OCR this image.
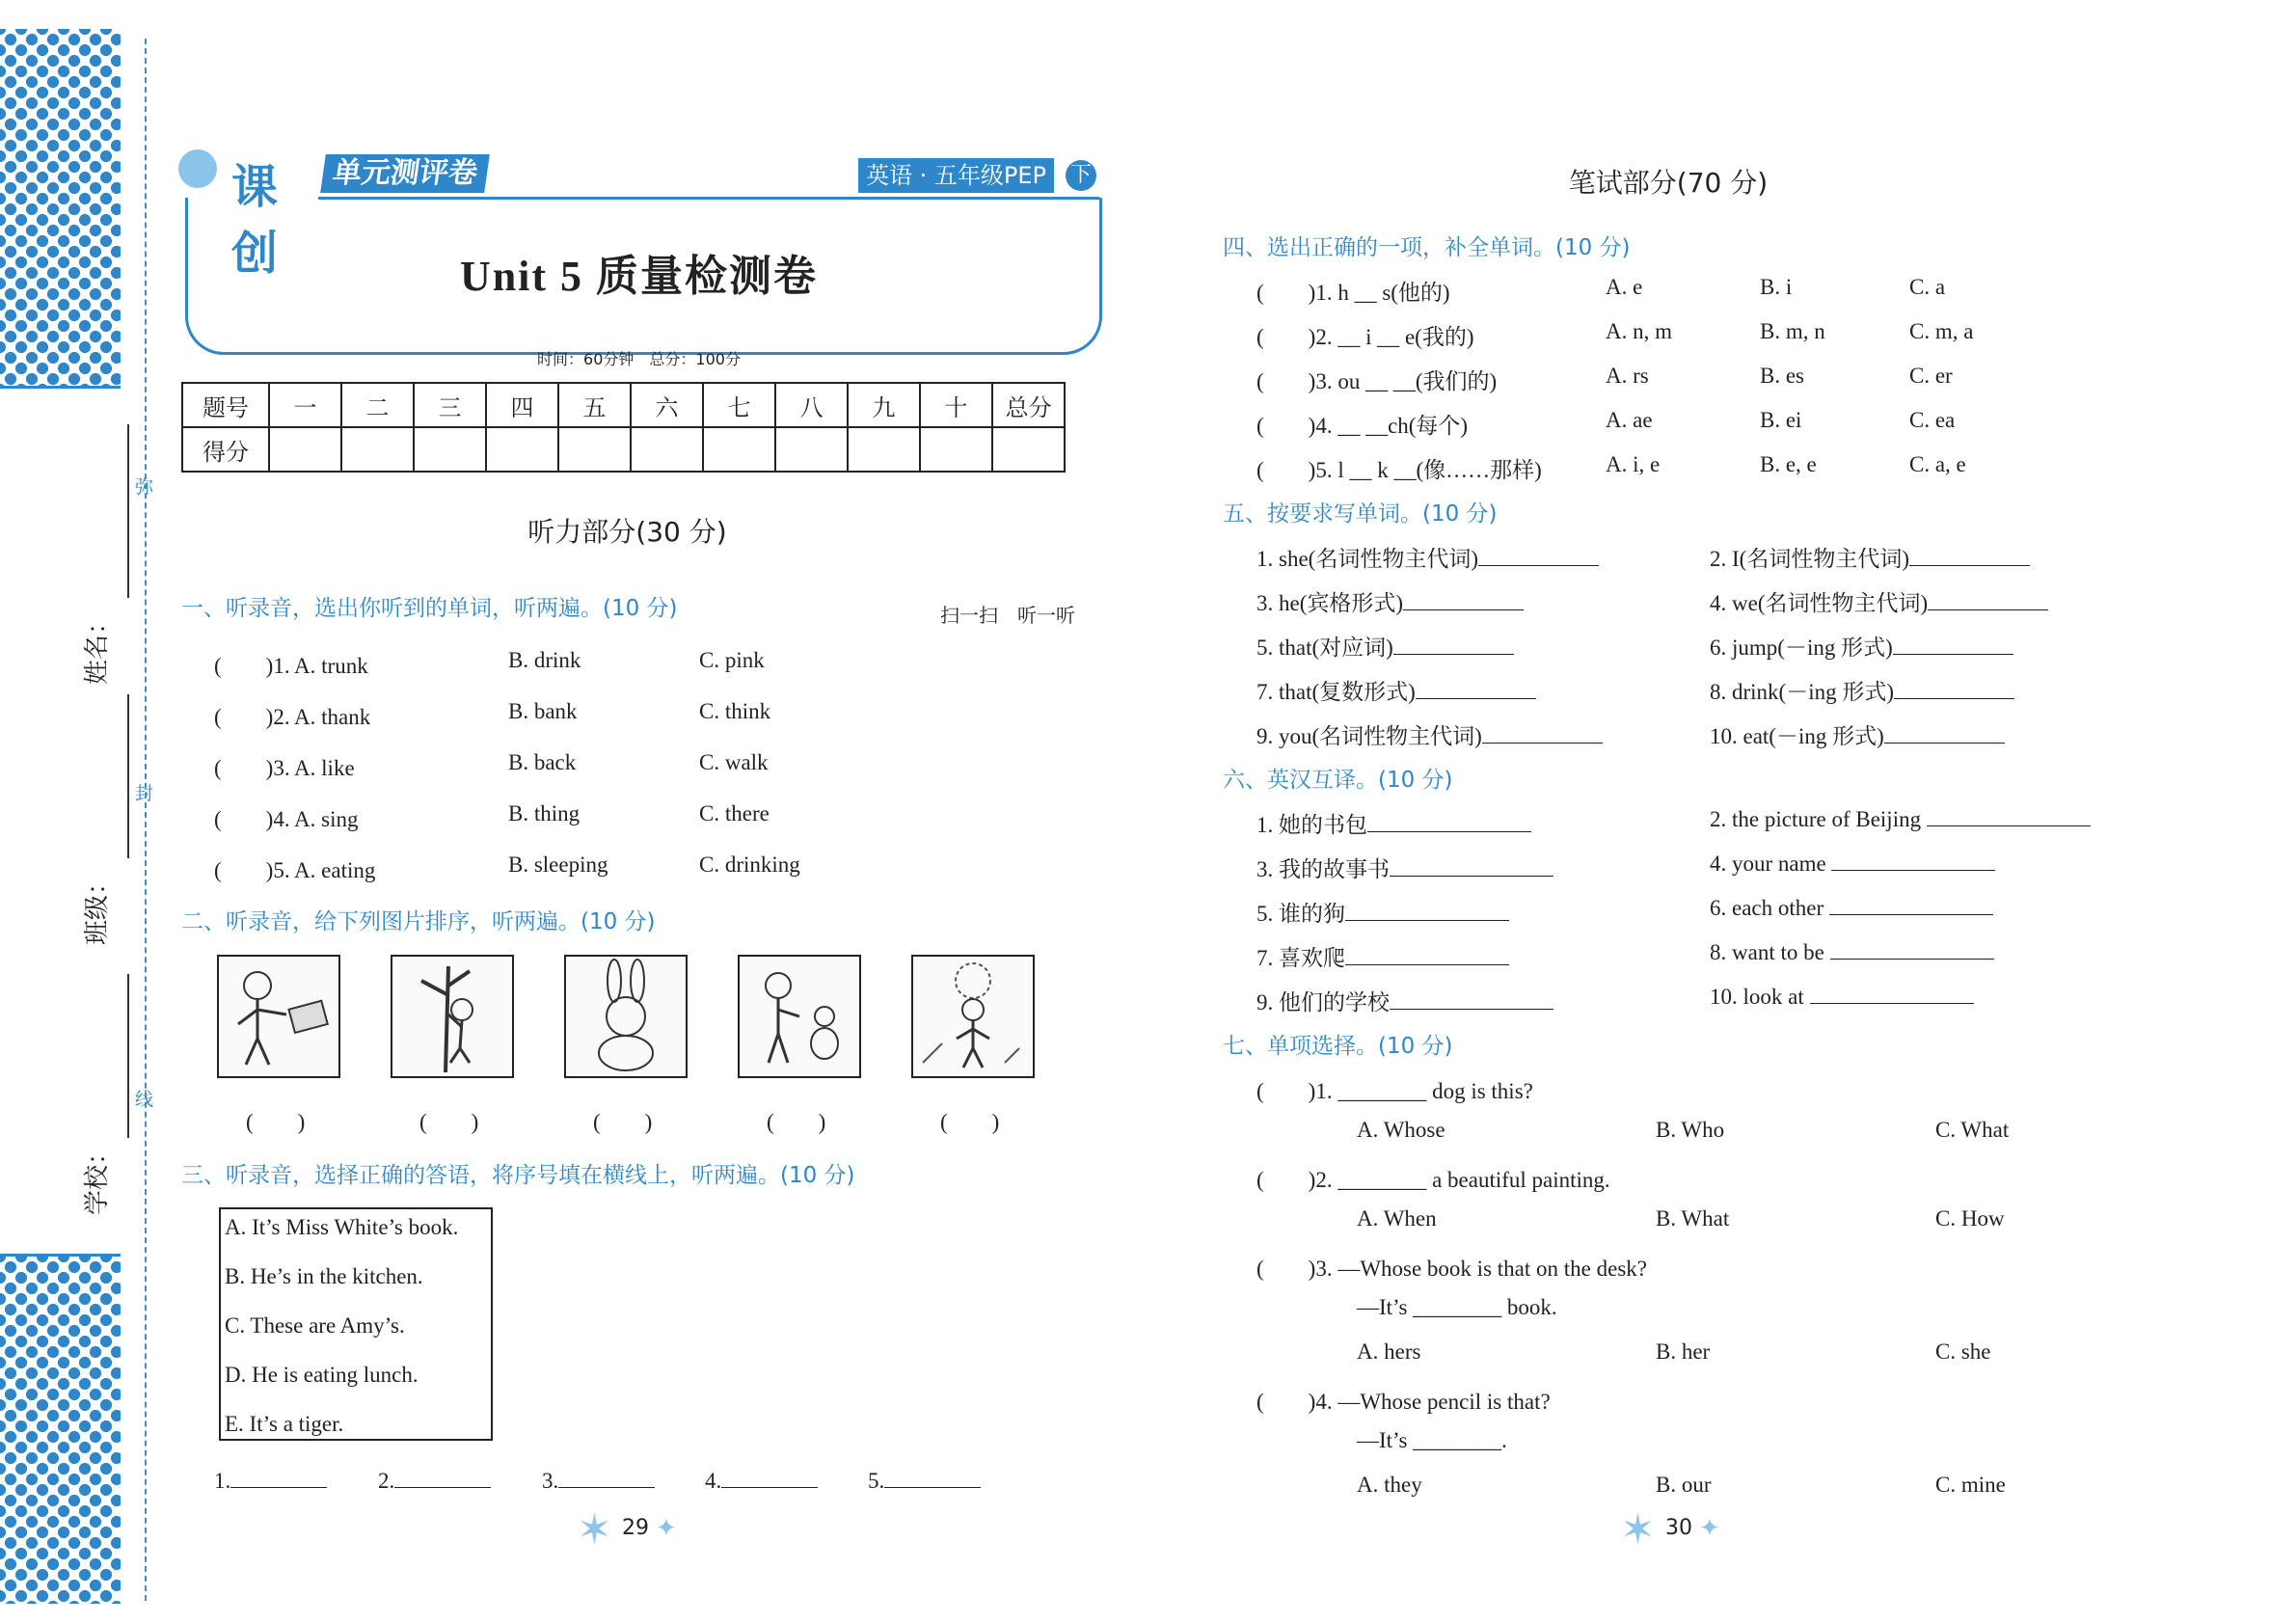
弥
封
线
姓名：
班级：
学校：
课创
单元测评卷	英语 · 五年级PEP	下
Unit 5 质量检测卷
时间：60分钟　总分：100分
题号	一	二	三	四	五	六	七	八	九	十	总分
得分											
听力部分(30 分)
一、听录音，选出你听到的单词，听两遍。(10 分)	扫一扫　听一听
(　　)1. A. trunk	B. drink	C. pink
(　　)2. A. thank	B. bank	C. think
(　　)3. A. like	B. back	C. walk
(　　)4. A. sing	B. thing	C. there
(　　)5. A. eating	B. sleeping	C. drinking
二、听录音，给下列图片排序，听两遍。(10 分)
(　　)	(　　)	(　　)	(　　)	(　　)
三、听录音，选择正确的答语，将序号填在横线上，听两遍。(10 分)
A. It’s Miss White’s book.
B. He’s in the kitchen.
C. These are Amy’s.
D. He is eating lunch.
E. It’s a tiger.
1.	2.	3.	4.	5.
✶ 29 ✦
笔试部分(70 分)
四、选出正确的一项，补全单词。(10 分)
(　　)1. h __ s(他的)	A. e	B. i	C. a
(　　)2. __ i __ e(我的)	A. n, m	B. m, n	C. m, a
(　　)3. ou __ __(我们的)	A. rs	B. es	C. er
(　　)4. __ __ch(每个)	A. ae	B. ei	C. ea
(　　)5. l __ k __(像……那样)	A. i, e	B. e, e	C. a, e
五、按要求写单词。(10 分)
1. she(名词性物主代词)	2. I(名词性物主代词)
3. he(宾格形式)	4. we(名词性物主代词)
5. that(对应词)	6. jump(－ing 形式)
7. that(复数形式)	8. drink(－ing 形式)
9. you(名词性物主代词)	10. eat(－ing 形式)
六、英汉互译。(10 分)
1. 她的书包	2. the picture of Beijing
3. 我的故事书	4. your name
5. 谁的狗	6. each other
7. 喜欢爬	8. want to be
9. 他们的学校	10. look at
七、单项选择。(10 分)
(　　)1. ________ dog is this?
A. Whose	B. Who	C. What
(　　)2. ________ a beautiful painting.
A. When	B. What	C. How
(　　)3. —Whose book is that on the desk?
—It’s ________ book.
A. hers	B. her	C. she
(　　)4. —Whose pencil is that?
—It’s ________.
A. they	B. our	C. mine
✶ 30 ✦
